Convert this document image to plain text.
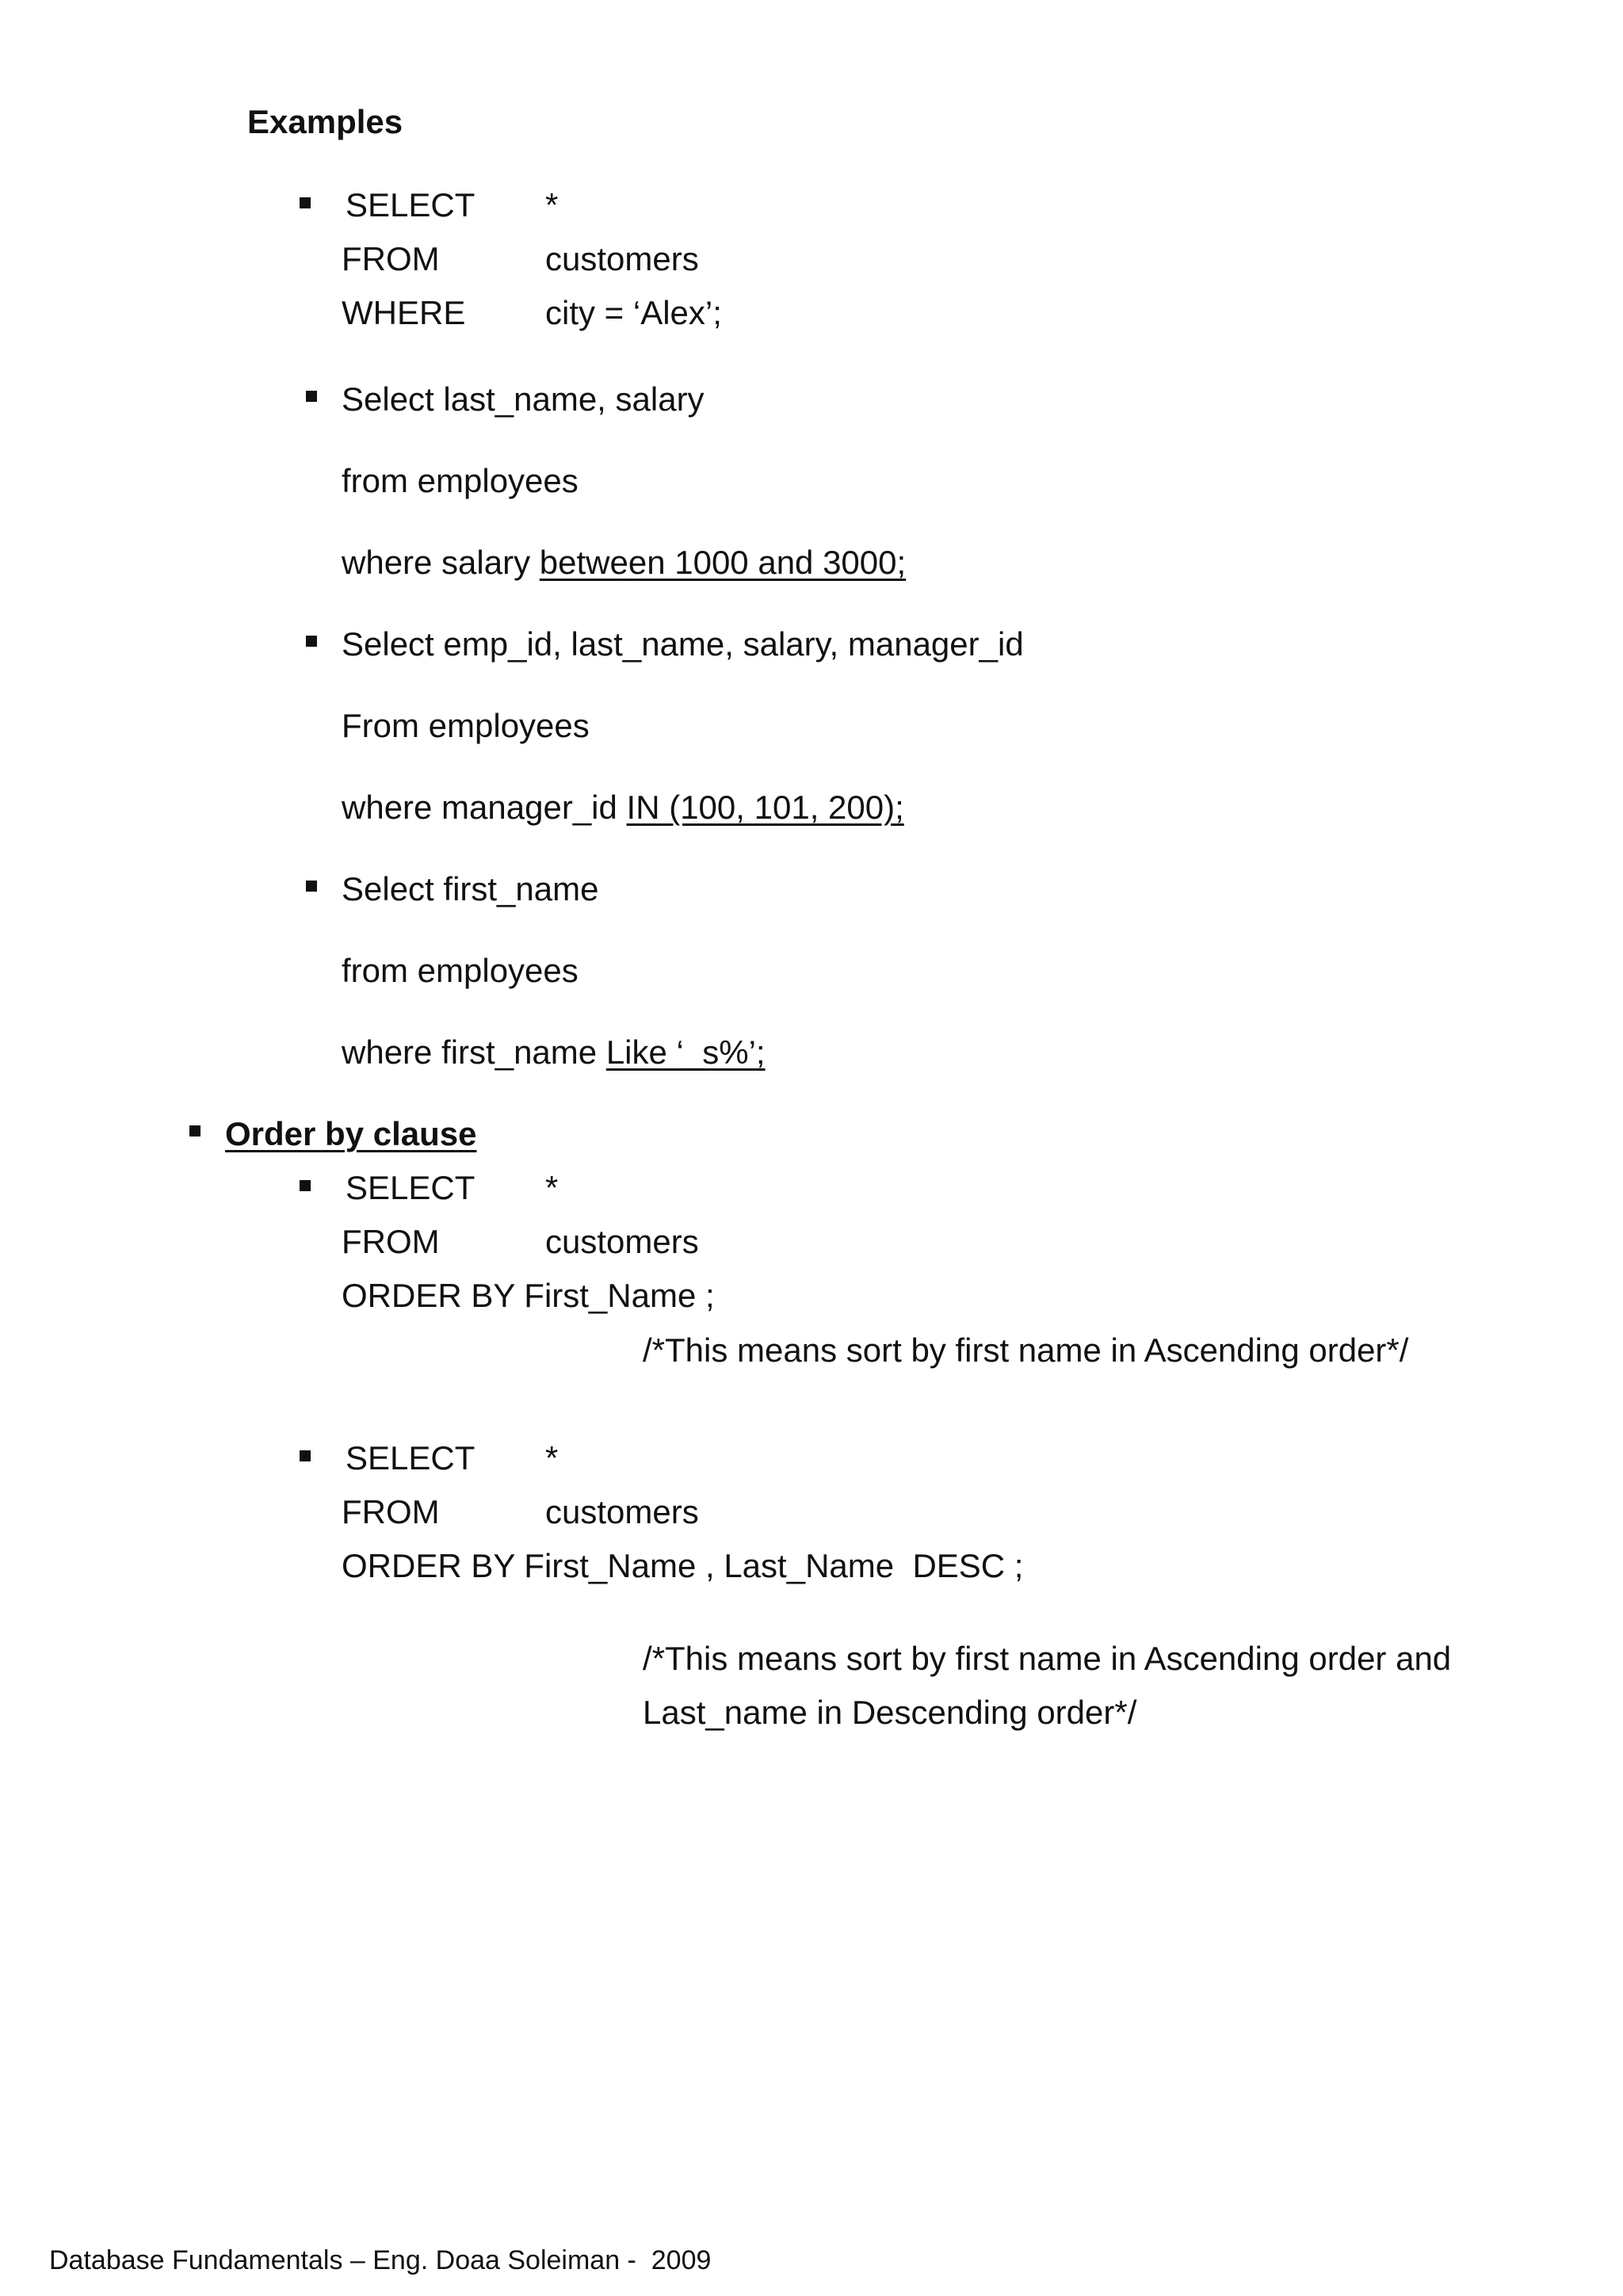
Examples
SELECT *
FROM	customers
WHERE city = ‘Alex’;
Select last_name, salary
from employees
where salary between 1000 and 3000;
Select emp_id, last_name, salary, manager_id
From employees
where manager_id IN (100, 101, 200);
Select first_name
from employees
where first_name Like ‘_s%’;
Order by clause
SELECT *
FROM	customers
ORDER BY First_Name ;
/*This means sort by first name in Ascending order*/
SELECT *
FROM	customers
ORDER BY First_Name , Last_Name  DESC ;
/*This means sort by first name in Ascending order and
Last_name in Descending order*/
Database Fundamentals – Eng. Doaa Soleiman -  2009
